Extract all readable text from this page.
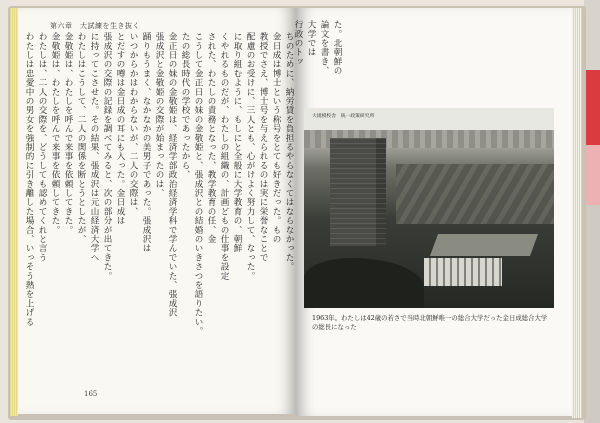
第六章　大試練を生き抜く
ちのために、納労賃を負担るやらなくてはならなかった。
金日成は博士という称号をとても好きだった。もの
教授でさえ、博士号を与えられるのは実に栄誉なことで
配慮のお受けに、三人とも、心がけよく努力して、なった。
に取り組むように、もしにと全般に大学教育の、朝鮮
くやれるものだが、わたしの組織の、計画どもの仕事を設定
された、わたしの責務となった、教学教育の任、金
こうして金正日の妹の金敬姫と、張成沢との結婚のいきさつを語りたい。
たの総長時代の学校であったから、
金正日の妹の金敬姫は、経済学部政治経済学科で学んでいた、張成沢
張成沢と金敬姫の交際が始まったのは、
踊りもうまく、なかなかの美男子であった。張成沢は
いつからかはわからないが、二人の交際は、
とだすの噂は金日成の耳にも入った。金日成は
張成沢の交際の記録を調べてみると、次の部分が出てきた。
に持ってこさせた。その結果、張成沢は元山経済大学へ
わたしはこうして、二人の関係を断とうとしたが、
金敬姫は、わたしを呼んで来事を依頼してきた。
金敬姫は、わたしを呼んで来事を依頼してきた。
わたしは、二人の交際を、どうしても認めてくれと言う
わたしは忠愛中の男女を強制的に引き離した場合、いっそう熱を上げる
165
た。北朝鮮の
論文を書き、
大学では
行政のトッ
大規模校舎　統一政策研究所
1963年。わたしは42歳の若さで当時北朝鮮唯一の総合大学だった金日成総合大学の総長になった
